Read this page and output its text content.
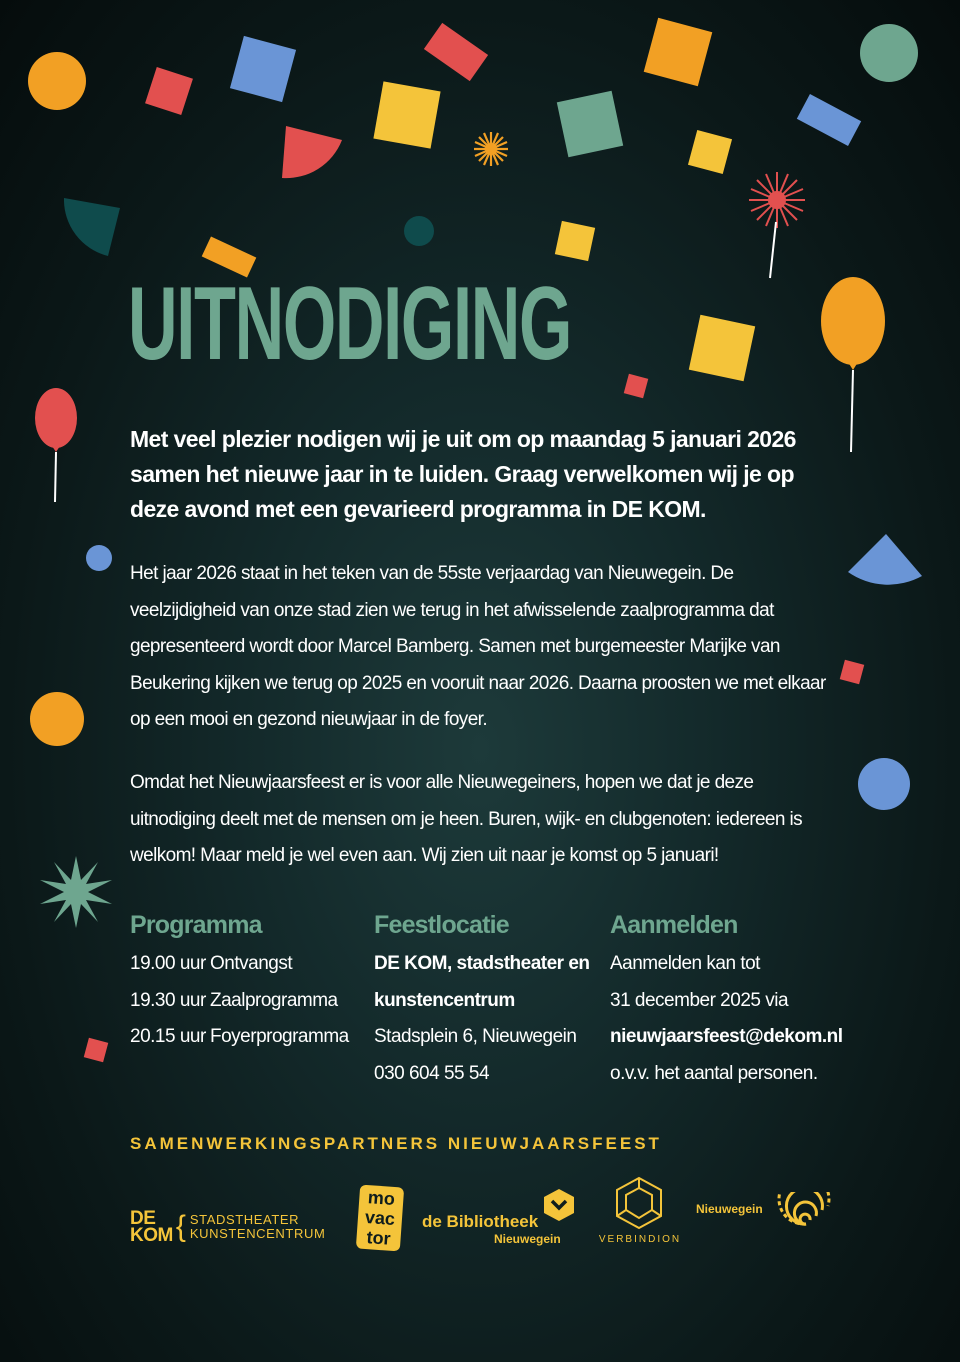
UITNODIGING

Met veel plezier nodigen wij je uit om op maandag 5 januari 2026 samen het nieuwe jaar in te luiden. Graag verwelkomen wij je op deze avond met een gevarieerd programma in DE KOM.

Het jaar 2026 staat in het teken van de 55ste verjaardag van Nieuwegein. De veelzijdigheid van onze stad zien we terug in het afwisselende zaalprogramma dat gepresenteerd wordt door Marcel Bamberg. Samen met burgemeester Marijke van Beukering kijken we terug op 2025 en vooruit naar 2026. Daarna proosten we met elkaar op een mooi en gezond nieuwjaar in de foyer.

Omdat het Nieuwjaarsfeest er is voor alle Nieuwegeiners, hopen we dat je deze uitnodiging deelt met de mensen om je heen. Buren, wijk- en clubgenoten: iedereen is welkom! Maar meld je wel even aan. Wij zien uit naar je komst op 5 januari!

Programma
19.00 uur Ontvangst
19.30 uur Zaalprogramma
20.15 uur Foyerprogramma
Feestlocatie
DE KOM, stadstheater en
kunstencentrum
Stadsplein 6, Nieuwegein
030 604 55 54
Aanmelden
Aanmelden kan tot
31 december 2025 via
nieuwjaarsfeest@dekom.nl
o.v.v. het aantal personen.
SAMENWERKINGSPARTNERS NIEUWJAARSFEEST
DE
KOM { STADSTHEATER
KUNSTENCENTRUM
mo
vac
tor
de Bibliotheek
Nieuwegein	VERBINDION
Nieuwegein
